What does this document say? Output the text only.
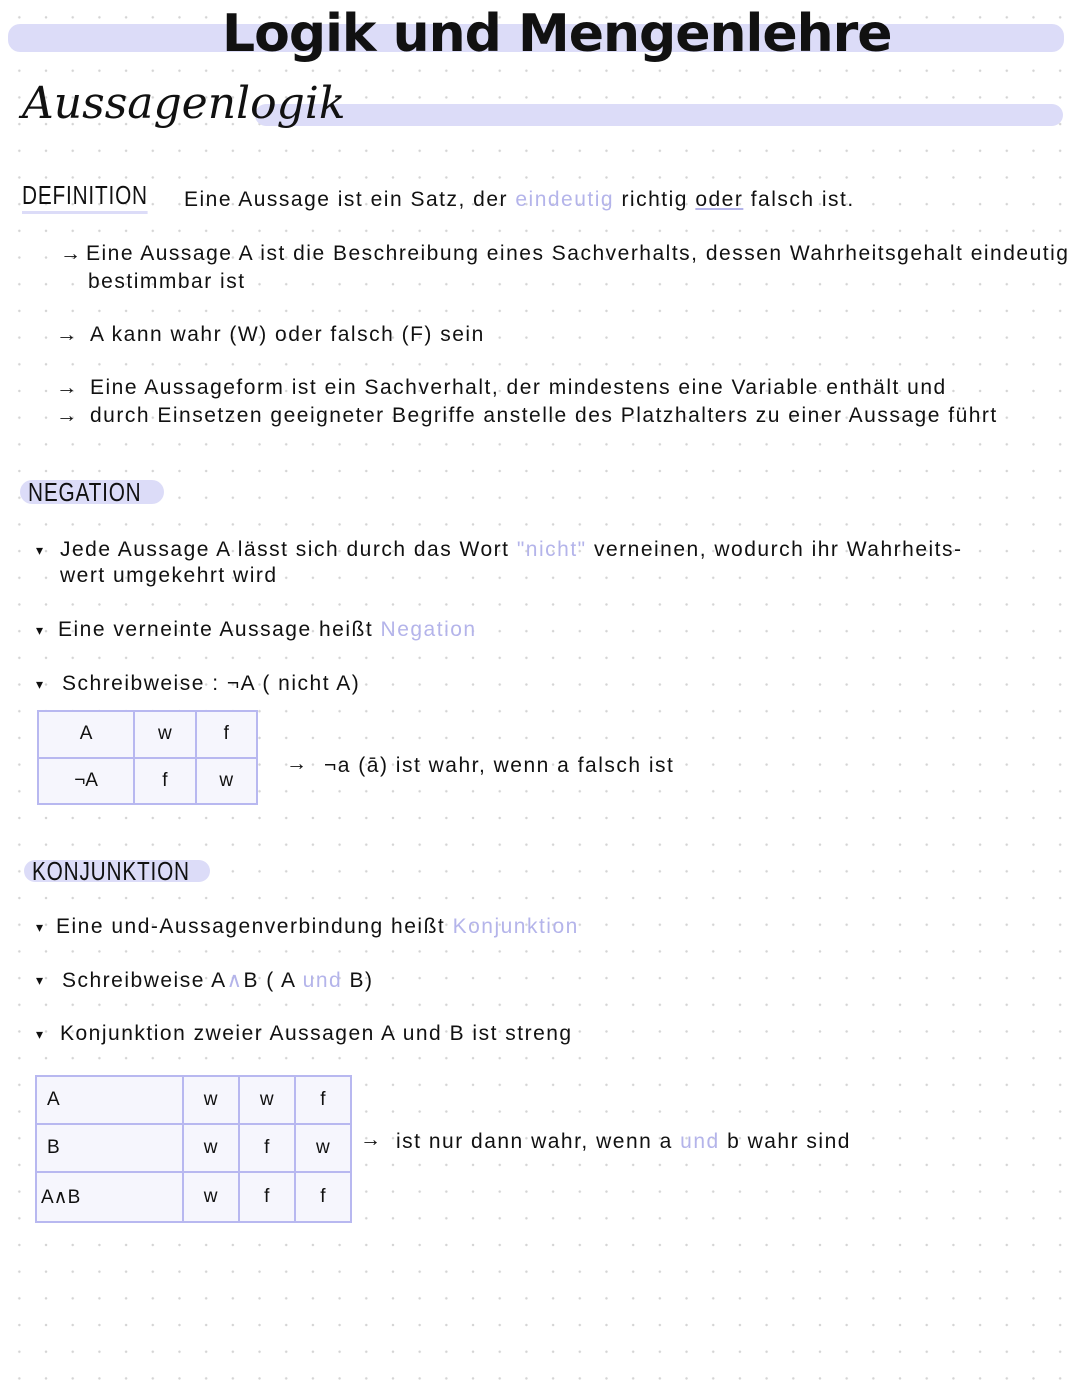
Logik und Mengenlehre
Aussagenlogik
DEFINITION Eine Aussage ist ein Satz, der eindeutig richtig oder falsch ist.
→ Eine Aussage A ist die Beschreibung eines Sachverhalts, dessen Wahrheitsgehalt eindeutig
bestimmbar ist
→ A kann wahr (W) oder falsch (F) sein
→ Eine Aussageform ist ein Sachverhalt, der mindestens eine Variable enthält und
→ durch Einsetzen geeigneter Begriffe anstelle des Platzhalters zu einer Aussage führt
NEGATION
▾ Jede Aussage A lässt sich durch das Wort "nicht" verneinen, wodurch ihr Wahrheits-
wert umgekehrt wird
▾ Eine verneinte Aussage heißt Negation
▾ Schreibweise : ¬A ( nicht A)
A	w	f
¬A	f	w
→ ¬a (ā) ist wahr, wenn a falsch ist
KONJUNKTION
▾ Eine und-Aussagenverbindung heißt Konjunktion
▾ Schreibweise A∧B ( A und B)
▾ Konjunktion zweier Aussagen A und B ist streng
A	w	w	f
B	w	f	w
A∧B	w	f	f
→ ist nur dann wahr, wenn a und b wahr sind
